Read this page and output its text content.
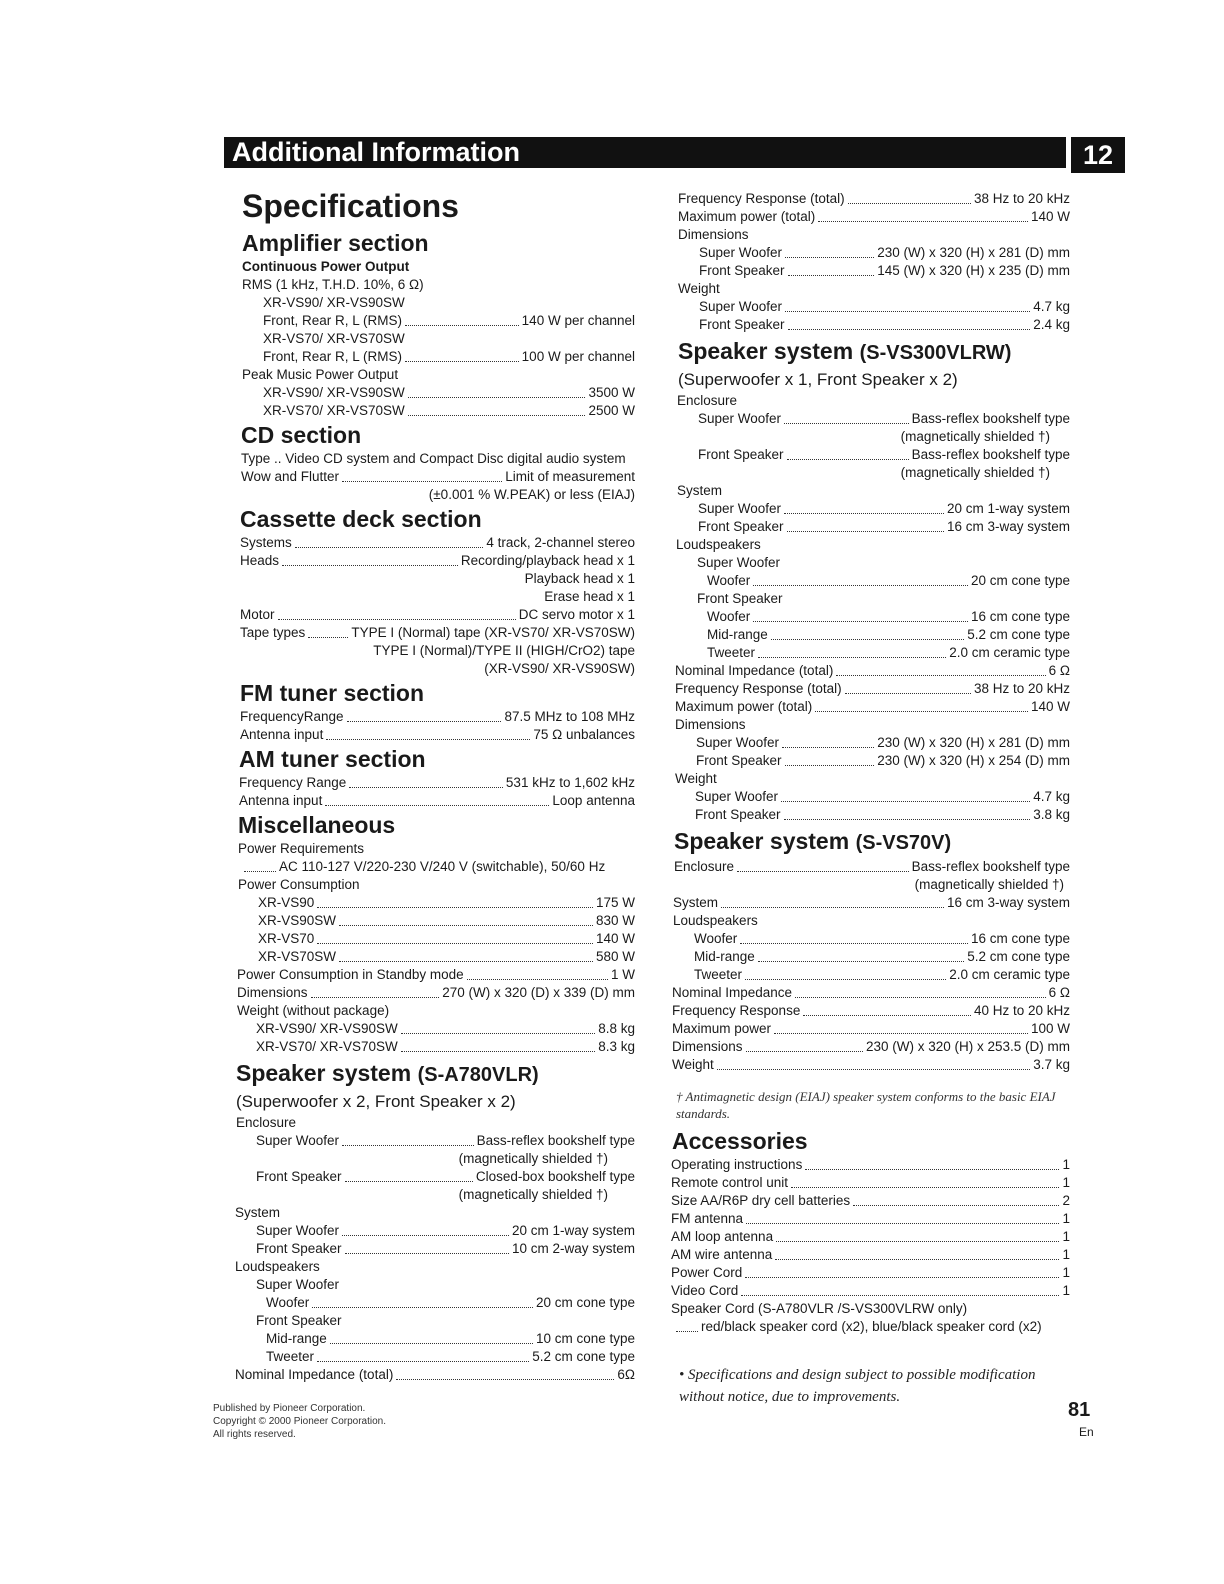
Additional Information	12
Specifications
Amplifier section
Continuous Power Output
RMS (1 kHz, T.H.D. 10%, 6 Ω)
XR-VS90/ XR-VS90SW
Front, Rear R, L (RMS)	140 W per channel
XR-VS70/ XR-VS70SW
Front, Rear R, L (RMS)	100 W per channel
Peak Music Power Output
XR-VS90/ XR-VS90SW	3500 W
XR-VS70/ XR-VS70SW	2500 W
CD section
Type .. Video CD system and Compact Disc digital audio system
Wow and Flutter	Limit of measurement
(±0.001 % W.PEAK) or less (EIAJ)
Cassette deck section
Systems	4 track, 2-channel stereo
Heads	Recording/playback head x 1
Playback head x 1
Erase head x 1
Motor	DC servo motor x 1
Tape types	TYPE I (Normal) tape (XR-VS70/ XR-VS70SW)
TYPE I (Normal)/TYPE II (HIGH/CrO2) tape
(XR-VS90/ XR-VS90SW)
FM tuner section
FrequencyRange	87.5 MHz to 108 MHz
Antenna input	75 Ω unbalances
AM tuner section
Frequency Range	531 kHz to 1,602 kHz
Antenna input	Loop antenna
Miscellaneous
Power Requirements
AC 110-127 V/220-230 V/240 V (switchable), 50/60 Hz
Power Consumption
XR-VS90	175 W
XR-VS90SW	830 W
XR-VS70	140 W
XR-VS70SW	580 W
Power Consumption in Standby mode	1 W
Dimensions	270 (W) x 320 (D) x 339 (D) mm
Weight (without package)
XR-VS90/ XR-VS90SW	8.8 kg
XR-VS70/ XR-VS70SW	8.3 kg
Speaker system (S-A780VLR)
(Superwoofer x 2, Front Speaker x 2)
Enclosure
Super Woofer	Bass-reflex bookshelf type
(magnetically shielded †)
Front Speaker	Closed-box bookshelf type
(magnetically shielded †)
System
Super Woofer	20 cm 1-way system
Front Speaker	10 cm 2-way system
Loudspeakers
Super Woofer
Woofer	20 cm cone type
Front Speaker
Mid-range	10 cm cone type
Tweeter	5.2 cm cone type
Nominal Impedance (total)	6Ω
Frequency Response (total)	38 Hz to 20 kHz
Maximum power (total)	140 W
Dimensions
Super Woofer	230 (W) x 320 (H) x 281 (D) mm
Front Speaker	145 (W) x 320 (H) x 235 (D) mm
Weight
Super Woofer	4.7 kg
Front Speaker	2.4 kg
Speaker system (S-VS300VLRW)
(Superwoofer x 1, Front Speaker x 2)
Enclosure
Super Woofer	Bass-reflex bookshelf type
(magnetically shielded †)
Front Speaker	Bass-reflex bookshelf type
(magnetically shielded †)
System
Super Woofer	20 cm 1-way system
Front Speaker	16 cm 3-way system
Loudspeakers
Super Woofer
Woofer	20 cm cone type
Front Speaker
Woofer	16 cm cone type
Mid-range	5.2 cm cone type
Tweeter	2.0 cm ceramic type
Nominal Impedance (total)	6 Ω
Frequency Response (total)	38 Hz to 20 kHz
Maximum power (total)	140 W
Dimensions
Super Woofer	230 (W) x 320 (H) x 281 (D) mm
Front Speaker	230 (W) x 320 (H) x 254 (D) mm
Weight
Super Woofer	4.7 kg
Front Speaker	3.8 kg
Speaker system (S-VS70V)
Enclosure	Bass-reflex bookshelf type
(magnetically shielded †)
System	16 cm 3-way system
Loudspeakers
Woofer	16 cm cone type
Mid-range	5.2 cm cone type
Tweeter	2.0 cm ceramic type
Nominal Impedance	6 Ω
Frequency Response	40 Hz to 20 kHz
Maximum power	100 W
Dimensions	230 (W) x 320 (H) x 253.5 (D) mm
Weight	3.7 kg
† Antimagnetic design (EIAJ) speaker system conforms to the basic EIAJ standards.
Accessories
Operating instructions	1
Remote control unit	1
Size AA/R6P dry cell batteries	2
FM antenna	1
AM loop antenna	1
AM wire antenna	1
Power Cord	1
Video Cord	1
Speaker Cord (S-A780VLR /S-VS300VLRW only)
red/black speaker cord (x2), blue/black speaker cord (x2)
• Specifications and design subject to possible modification without notice, due to improvements.
Published by Pioneer Corporation.
Copyright © 2000 Pioneer Corporation.
All rights reserved.
81
En
